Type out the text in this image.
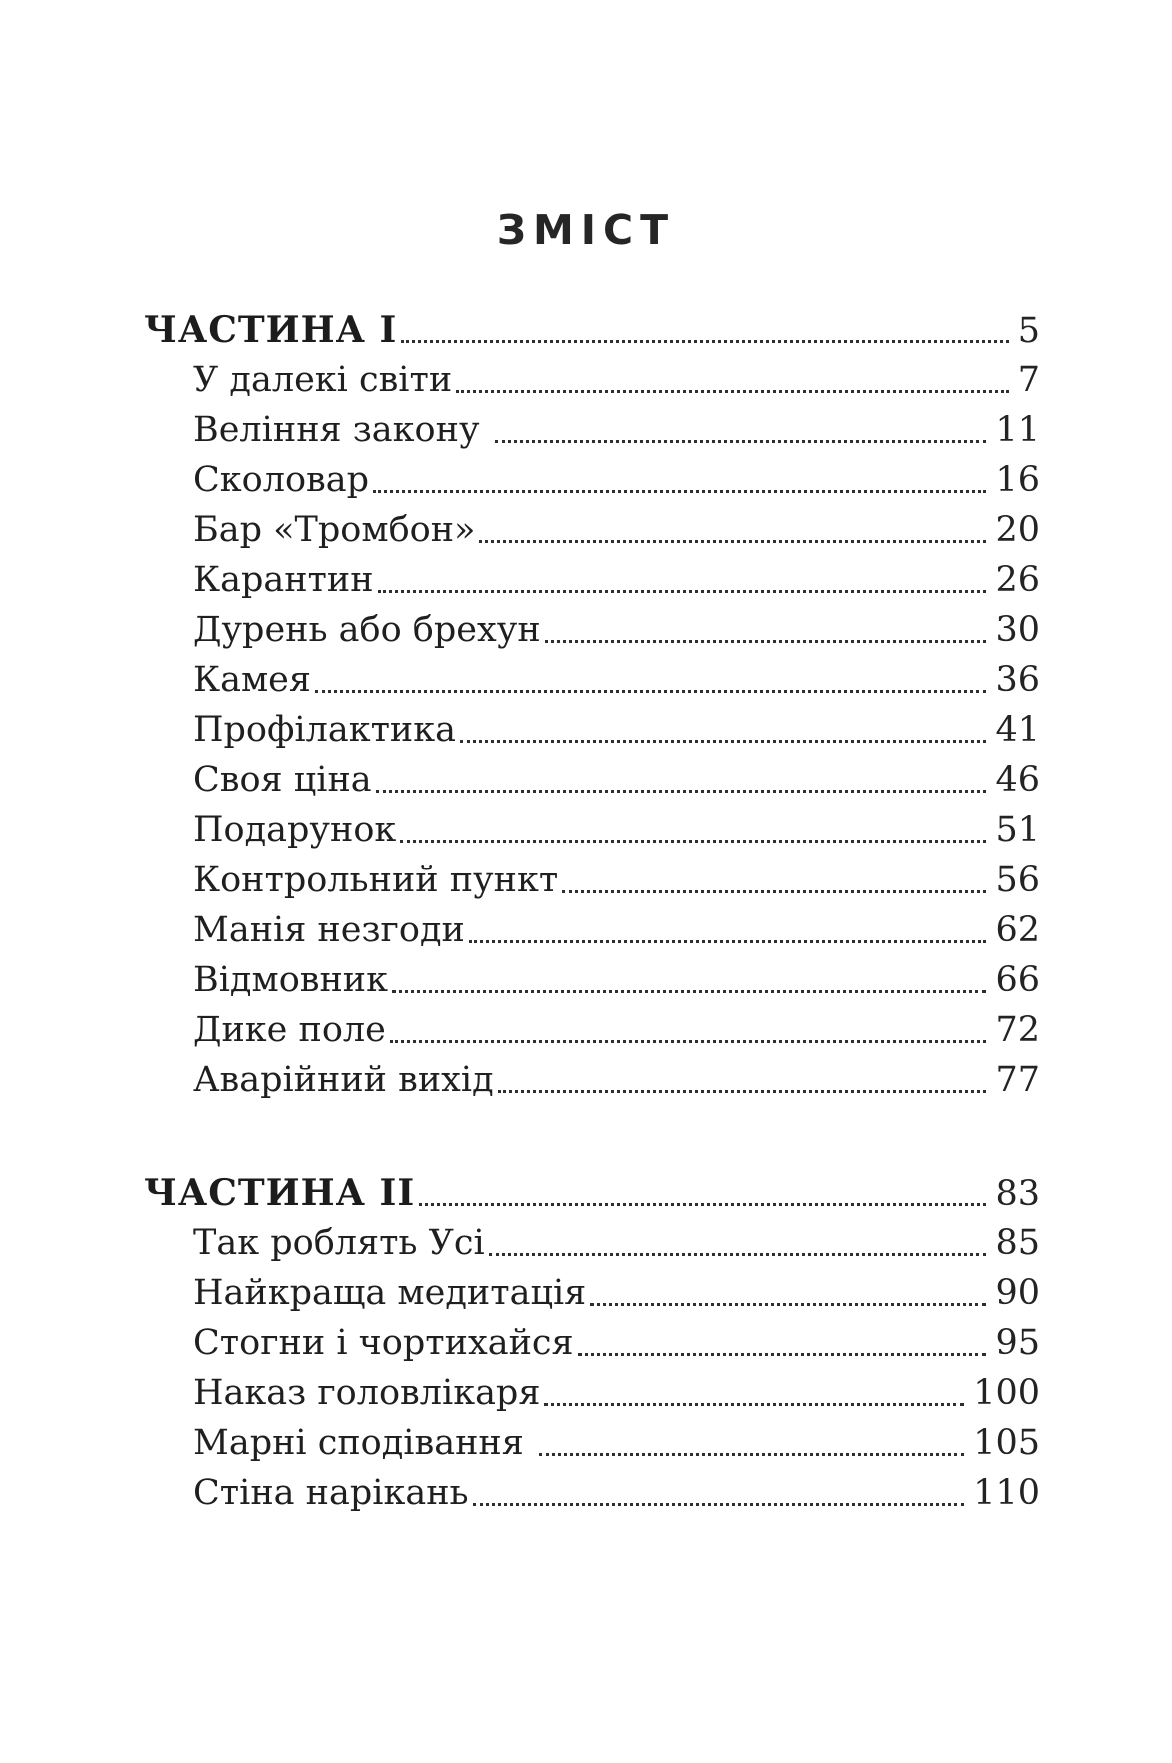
ЗМІСТ
ЧАСТИНА I	5
У далекі світи	7
Веління закону	11
Сколовар	16
Бар «Тромбон»	20
Карантин	26
Дурень або брехун	30
Камея	36
Профілактика	41
Своя ціна	46
Подарунок	51
Контрольний пункт	56
Манія незгоди	62
Відмовник	66
Дике поле	72
Аварійний вихід	77
ЧАСТИНА II	83
Так роблять Усі	85
Найкраща медитація	90
Стогни і чортихайся	95
Наказ головлікаря	100
Марні сподівання	105
Стіна нарікань	110
